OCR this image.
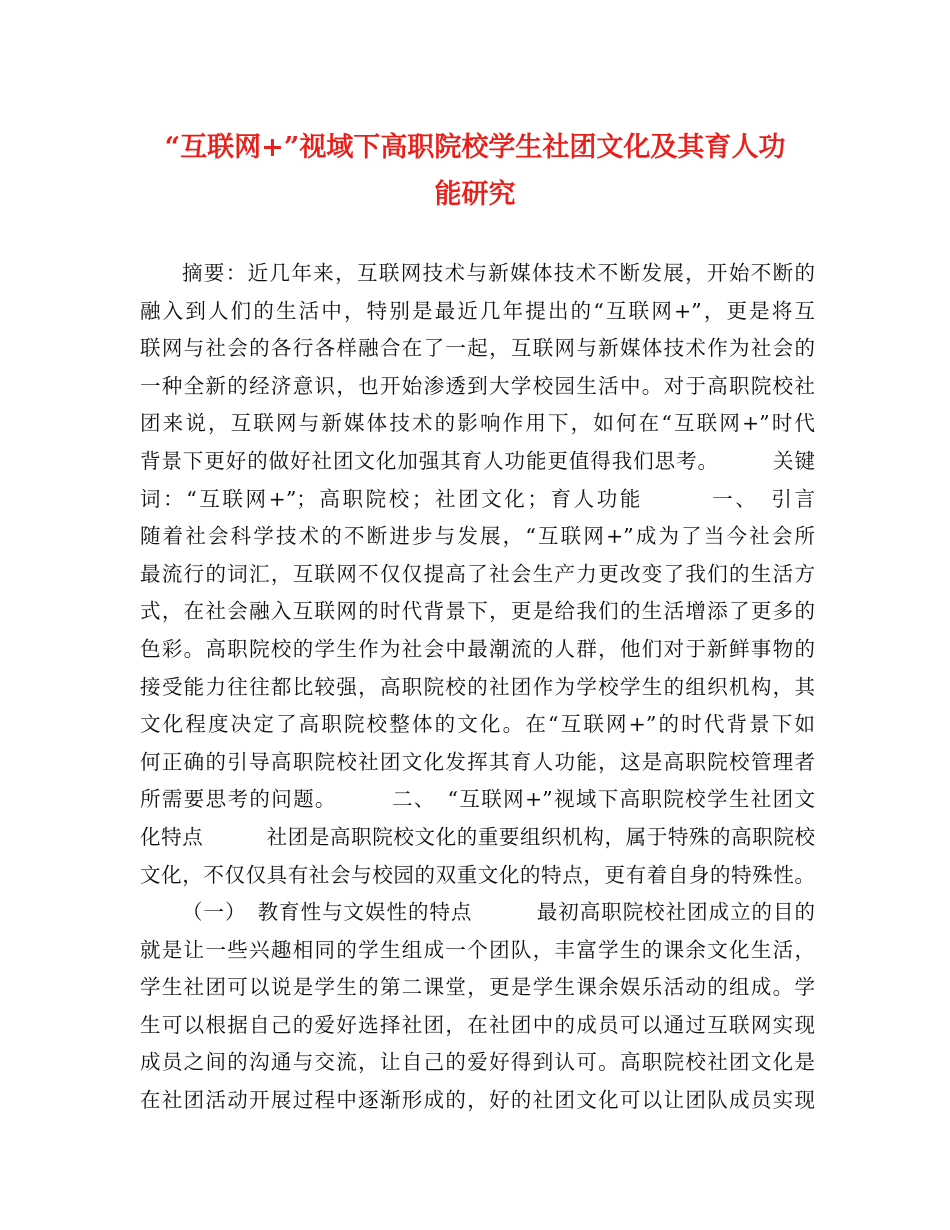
“互联网+”视域下高职院校学生社团文化及其育人功
能研究
摘要：近几年来，互联网技术与新媒体技术不断发展，开始不断的
融入到人们的生活中，特别是最近几年提出的“互联网+”，更是将互
联网与社会的各行各样融合在了一起，互联网与新媒体技术作为社会的
一种全新的经济意识，也开始渗透到大学校园生活中。对于高职院校社
团来说，互联网与新媒体技术的影响作用下，如何在“互联网+”时代
背景下更好的做好社团文化加强其育人功能更值得我们思考。　　　关键
词：“互联网+”；高职院校；社团文化；育人功能　　　一、　引言
随着社会科学技术的不断进步与发展，“互联网+”成为了当今社会所
最流行的词汇，互联网不仅仅提高了社会生产力更改变了我们的生活方
式，在社会融入互联网的时代背景下，更是给我们的生活增添了更多的
色彩。高职院校的学生作为社会中最潮流的人群，他们对于新鲜事物的
接受能力往往都比较强，高职院校的社团作为学校学生的组织机构，其
文化程度决定了高职院校整体的文化。在“互联网+”的时代背景下如
何正确的引导高职院校社团文化发挥其育人功能，这是高职院校管理者
所需要思考的问题。　　　二、　“互联网+”视域下高职院校学生社团文
化特点　　　社团是高职院校文化的重要组织机构，属于特殊的高职院校
文化，不仅仅具有社会与校园的双重文化的特点，更有着自身的特殊性。
（一）　教育性与文娱性的特点　　　最初高职院校社团成立的目的
就是让一些兴趣相同的学生组成一个团队，丰富学生的课余文化生活，
学生社团可以说是学生的第二课堂，更是学生课余娱乐活动的组成。学
生可以根据自己的爱好选择社团，在社团中的成员可以通过互联网实现
成员之间的沟通与交流，让自己的爱好得到认可。高职院校社团文化是
在社团活动开展过程中逐渐形成的，好的社团文化可以让团队成员实现
